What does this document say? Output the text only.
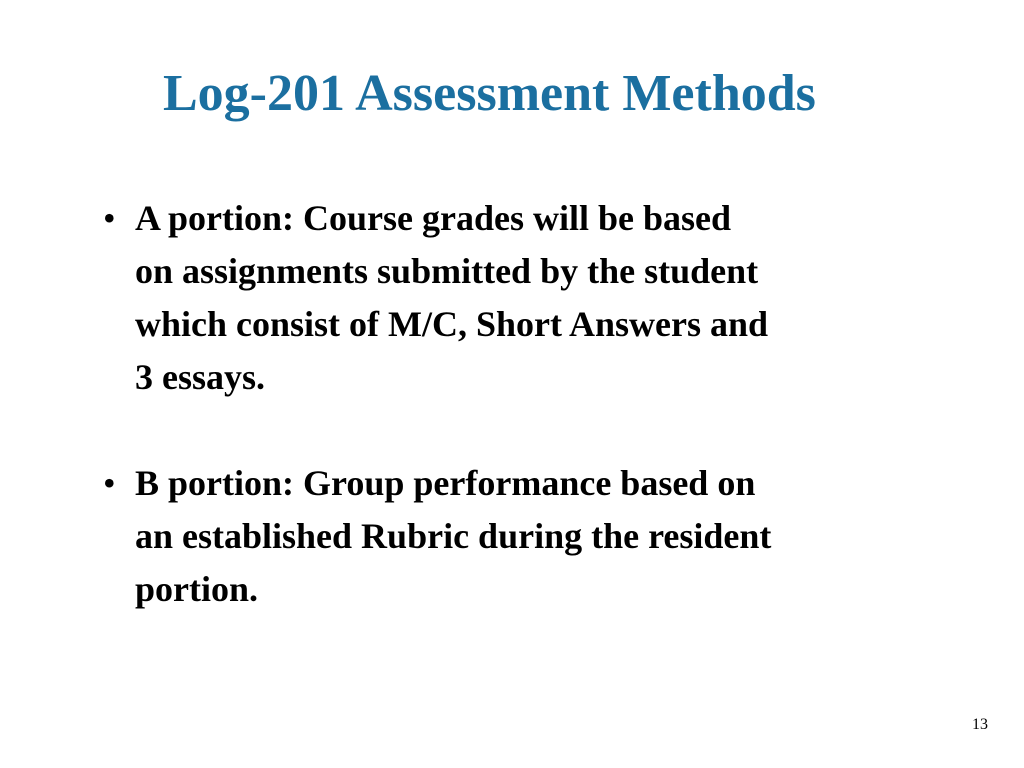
Log-201 Assessment Methods
• A portion: Course grades will be based
on assignments submitted by the student
which consist of M/C, Short Answers and
3 essays.
• B portion: Group performance based on
an established Rubric during the resident
portion.
13
